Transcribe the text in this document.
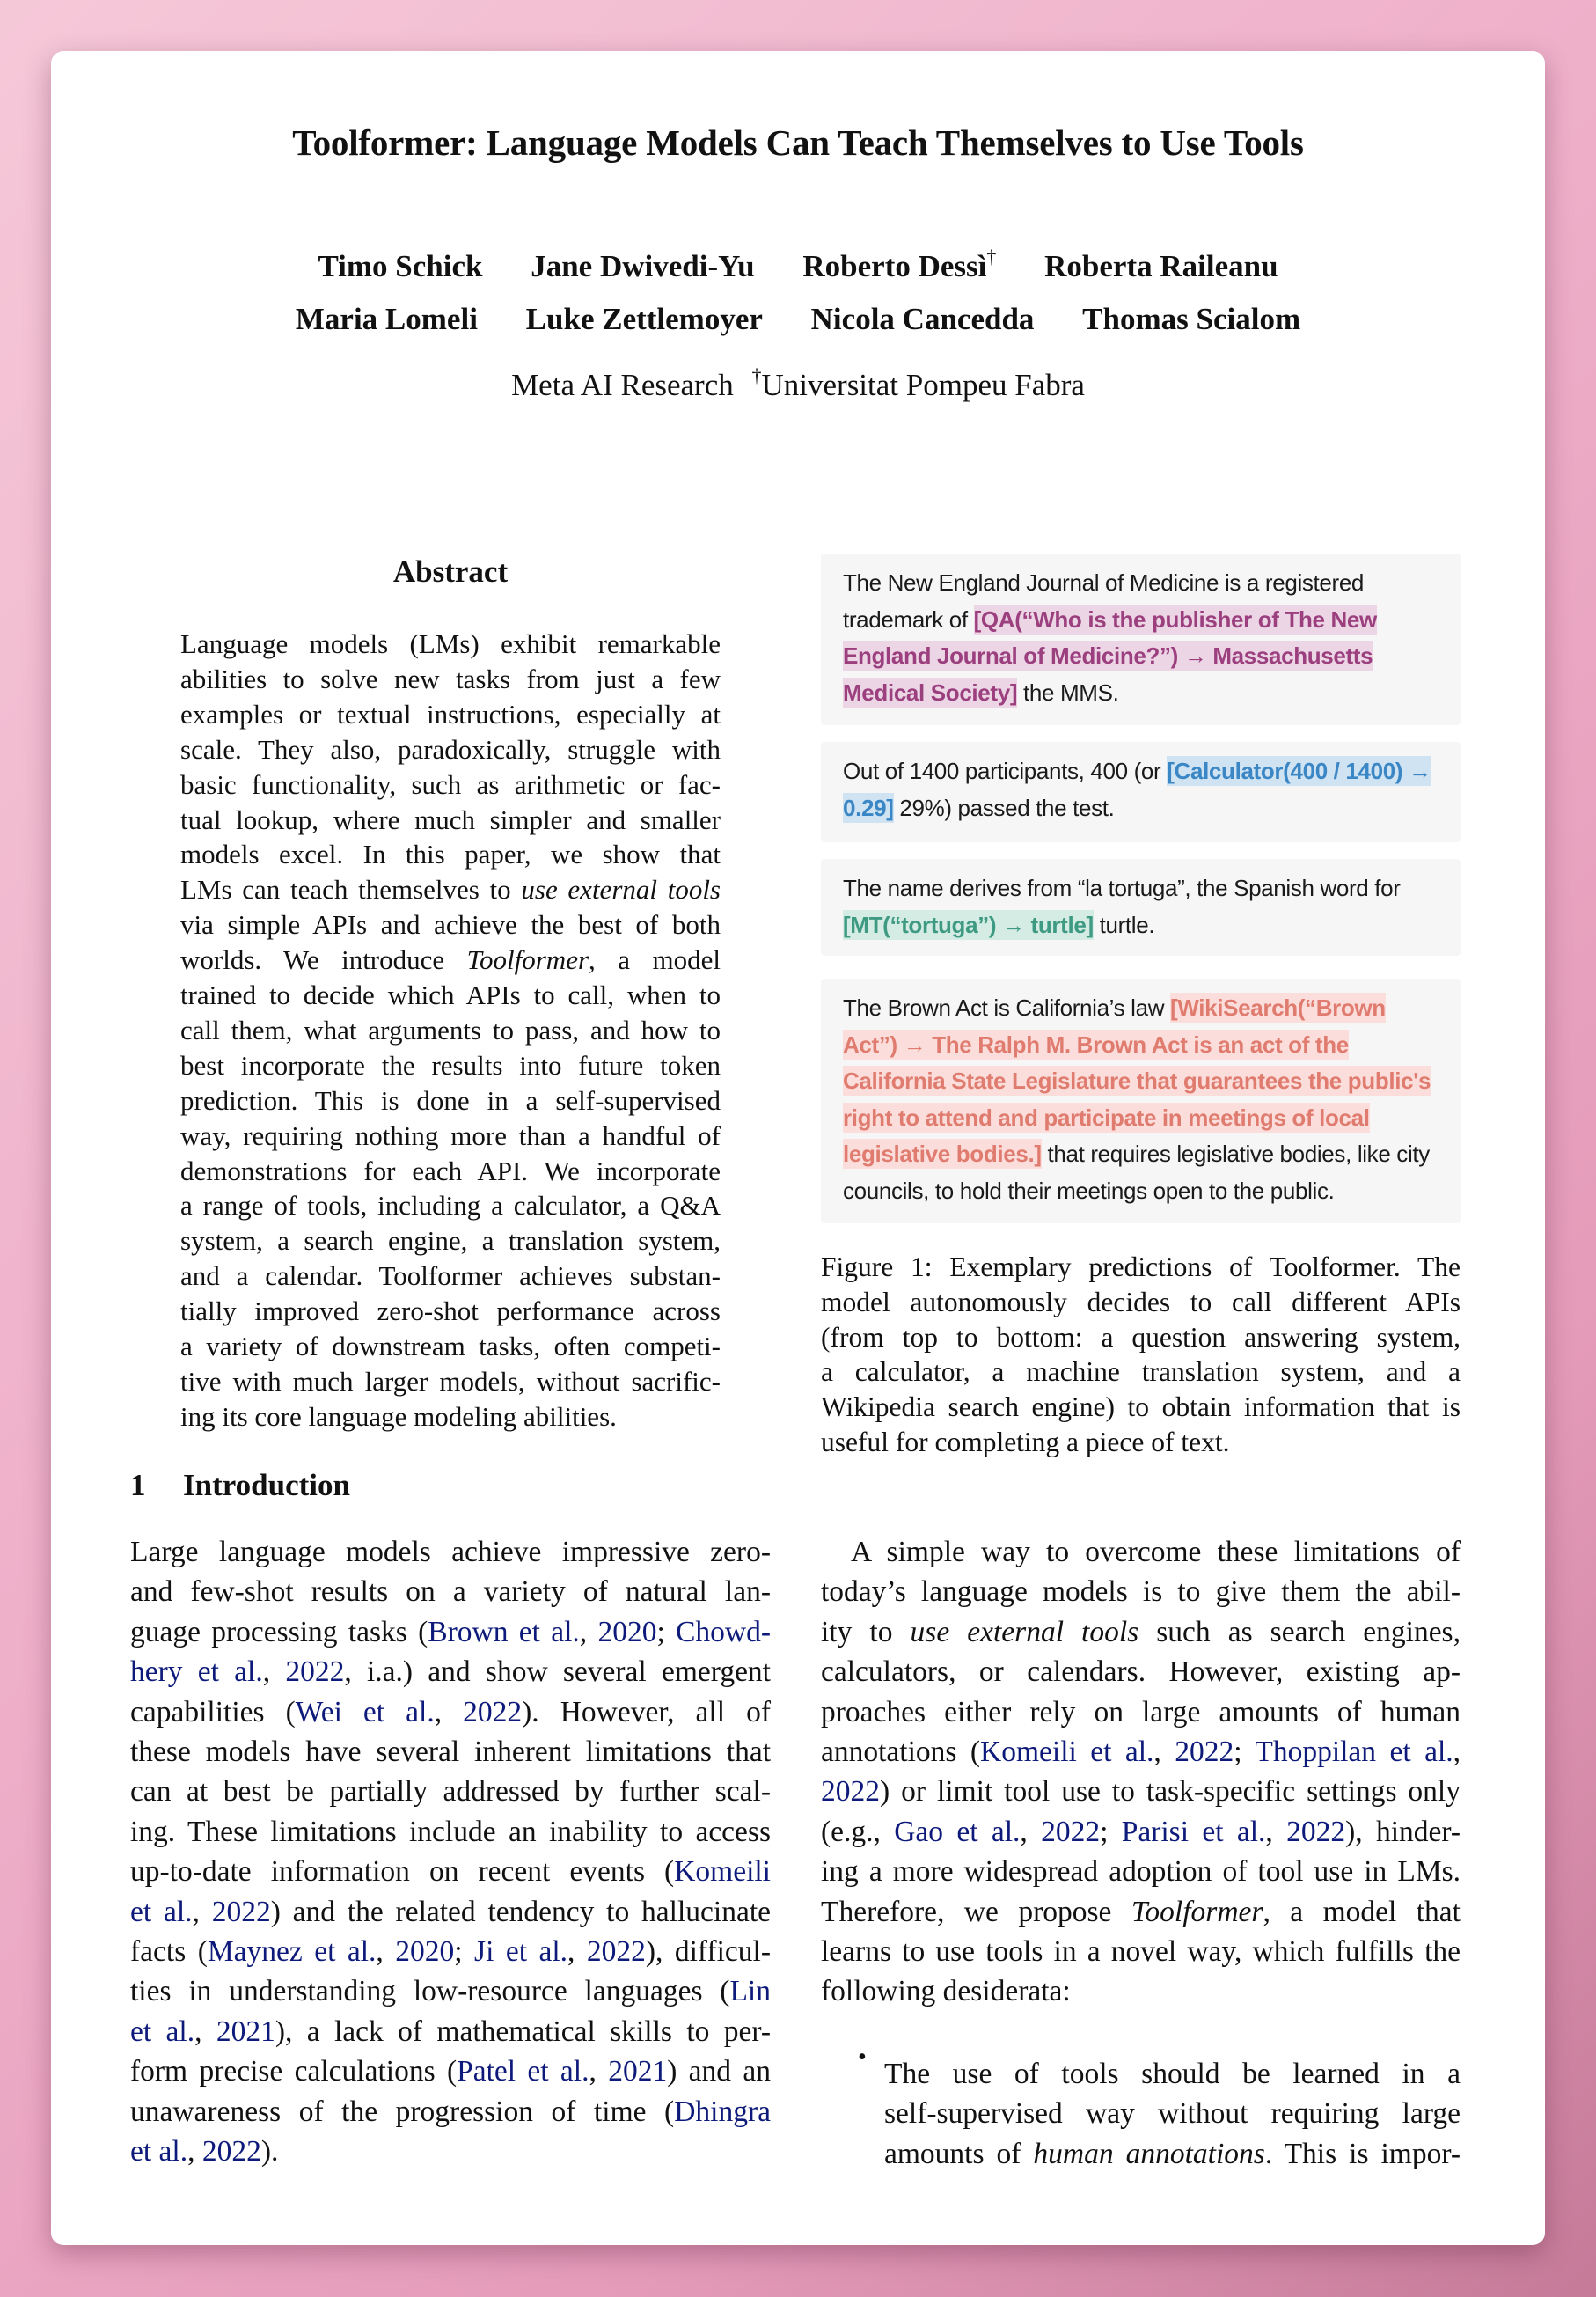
Toolformer: Language Models Can Teach Themselves to Use Tools
Timo Schick Jane Dwivedi-Yu Roberto Dessì† Roberta Raileanu
Maria Lomeli Luke Zettlemoyer Nicola Cancedda Thomas Scialom
Meta AI Research †Universitat Pompeu Fabra
Abstract
Language models (LMs) exhibit remarkable
abilities to solve new tasks from just a few
examples or textual instructions, especially at
scale. They also, paradoxically, struggle with
basic functionality, such as arithmetic or fac-
tual lookup, where much simpler and smaller
models excel. In this paper, we show that
LMs can teach themselves to use external tools
via simple APIs and achieve the best of both
worlds. We introduce Toolformer, a model
trained to decide which APIs to call, when to
call them, what arguments to pass, and how to
best incorporate the results into future token
prediction. This is done in a self-supervised
way, requiring nothing more than a handful of
demonstrations for each API. We incorporate
a range of tools, including a calculator, a Q&A
system, a search engine, a translation system,
and a calendar. Toolformer achieves substan-
tially improved zero-shot performance across
a variety of downstream tasks, often competi-
tive with much larger models, without sacrific-
ing its core language modeling abilities.
The New England Journal of Medicine is a registered trademark of [QA(“Who is the publisher of The New England Journal of Medicine?”) → Massachusetts Medical Society] the MMS.
Out of 1400 participants, 400 (or [Calculator(400 / 1400) → 0.29] 29%) passed the test.
The name derives from “la tortuga”, the Spanish word for [MT(“tortuga”) → turtle] turtle.
The Brown Act is California’s law [WikiSearch(“Brown Act”) → The Ralph M. Brown Act is an act of the California State Legislature that guarantees the public's right to attend and participate in meetings of local legislative bodies.] that requires legislative bodies, like city councils, to hold their meetings open to the public.
Figure 1: Exemplary predictions of Toolformer. The
model autonomously decides to call different APIs
(from top to bottom: a question answering system,
a calculator, a machine translation system, and a
Wikipedia search engine) to obtain information that is
useful for completing a piece of text.
1 Introduction
Large language models achieve impressive zero-
and few-shot results on a variety of natural lan-
guage processing tasks (Brown et al., 2020; Chowd-
hery et al., 2022, i.a.) and show several emergent
capabilities (Wei et al., 2022). However, all of
these models have several inherent limitations that
can at best be partially addressed by further scal-
ing. These limitations include an inability to access
up-to-date information on recent events (Komeili
et al., 2022) and the related tendency to hallucinate
facts (Maynez et al., 2020; Ji et al., 2022), difficul-
ties in understanding low-resource languages (Lin
et al., 2021), a lack of mathematical skills to per-
form precise calculations (Patel et al., 2021) and an
unawareness of the progression of time (Dhingra
et al., 2022).
A simple way to overcome these limitations of
today’s language models is to give them the abil-
ity to use external tools such as search engines,
calculators, or calendars. However, existing ap-
proaches either rely on large amounts of human
annotations (Komeili et al., 2022; Thoppilan et al.,
2022) or limit tool use to task-specific settings only
(e.g., Gao et al., 2022; Parisi et al., 2022), hinder-
ing a more widespread adoption of tool use in LMs.
Therefore, we propose Toolformer, a model that
learns to use tools in a novel way, which fulfills the
following desiderata:
•
The use of tools should be learned in a
self-supervised way without requiring large
amounts of human annotations. This is impor-
